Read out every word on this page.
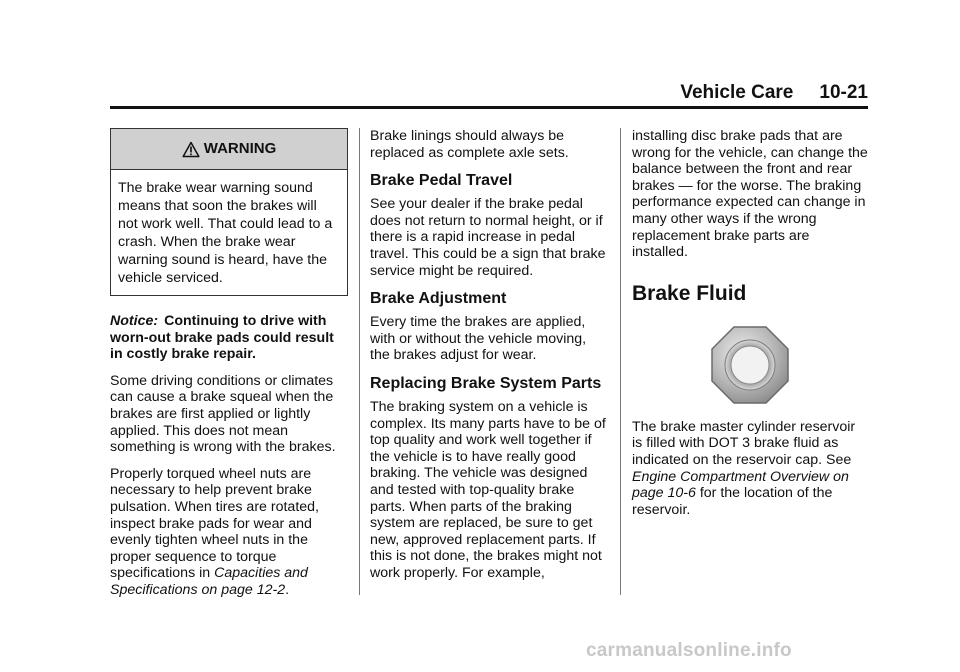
Vehicle Care 10-21
WARNING
The brake wear warning sound means that soon the brakes will not work well. That could lead to a crash. When the brake wear warning sound is heard, have the vehicle serviced.

Notice: Continuing to drive with worn-out brake pads could result in costly brake repair.

Some driving conditions or climates can cause a brake squeal when the brakes are first applied or lightly applied. This does not mean something is wrong with the brakes.

Properly torqued wheel nuts are necessary to help prevent brake pulsation. When tires are rotated, inspect brake pads for wear and evenly tighten wheel nuts in the proper sequence to torque specifications in Capacities and Specifications on page 12-2.

Brake linings should always be replaced as complete axle sets.

Brake Pedal Travel

See your dealer if the brake pedal does not return to normal height, or if there is a rapid increase in pedal travel. This could be a sign that brake service might be required.

Brake Adjustment

Every time the brakes are applied, with or without the vehicle moving, the brakes adjust for wear.

Replacing Brake System Parts

The braking system on a vehicle is complex. Its many parts have to be of top quality and work well together if the vehicle is to have really good braking. The vehicle was designed and tested with top-quality brake parts. When parts of the braking system are replaced, be sure to get new, approved replacement parts. If this is not done, the brakes might not work properly. For example,

installing disc brake pads that are wrong for the vehicle, can change the balance between the front and rear brakes — for the worse. The braking performance expected can change in many other ways if the wrong replacement brake parts are installed.

Brake Fluid

The brake master cylinder reservoir is filled with DOT 3 brake fluid as indicated on the reservoir cap. See Engine Compartment Overview on page 10-6 for the location of the reservoir.

carmanualsonline.info
